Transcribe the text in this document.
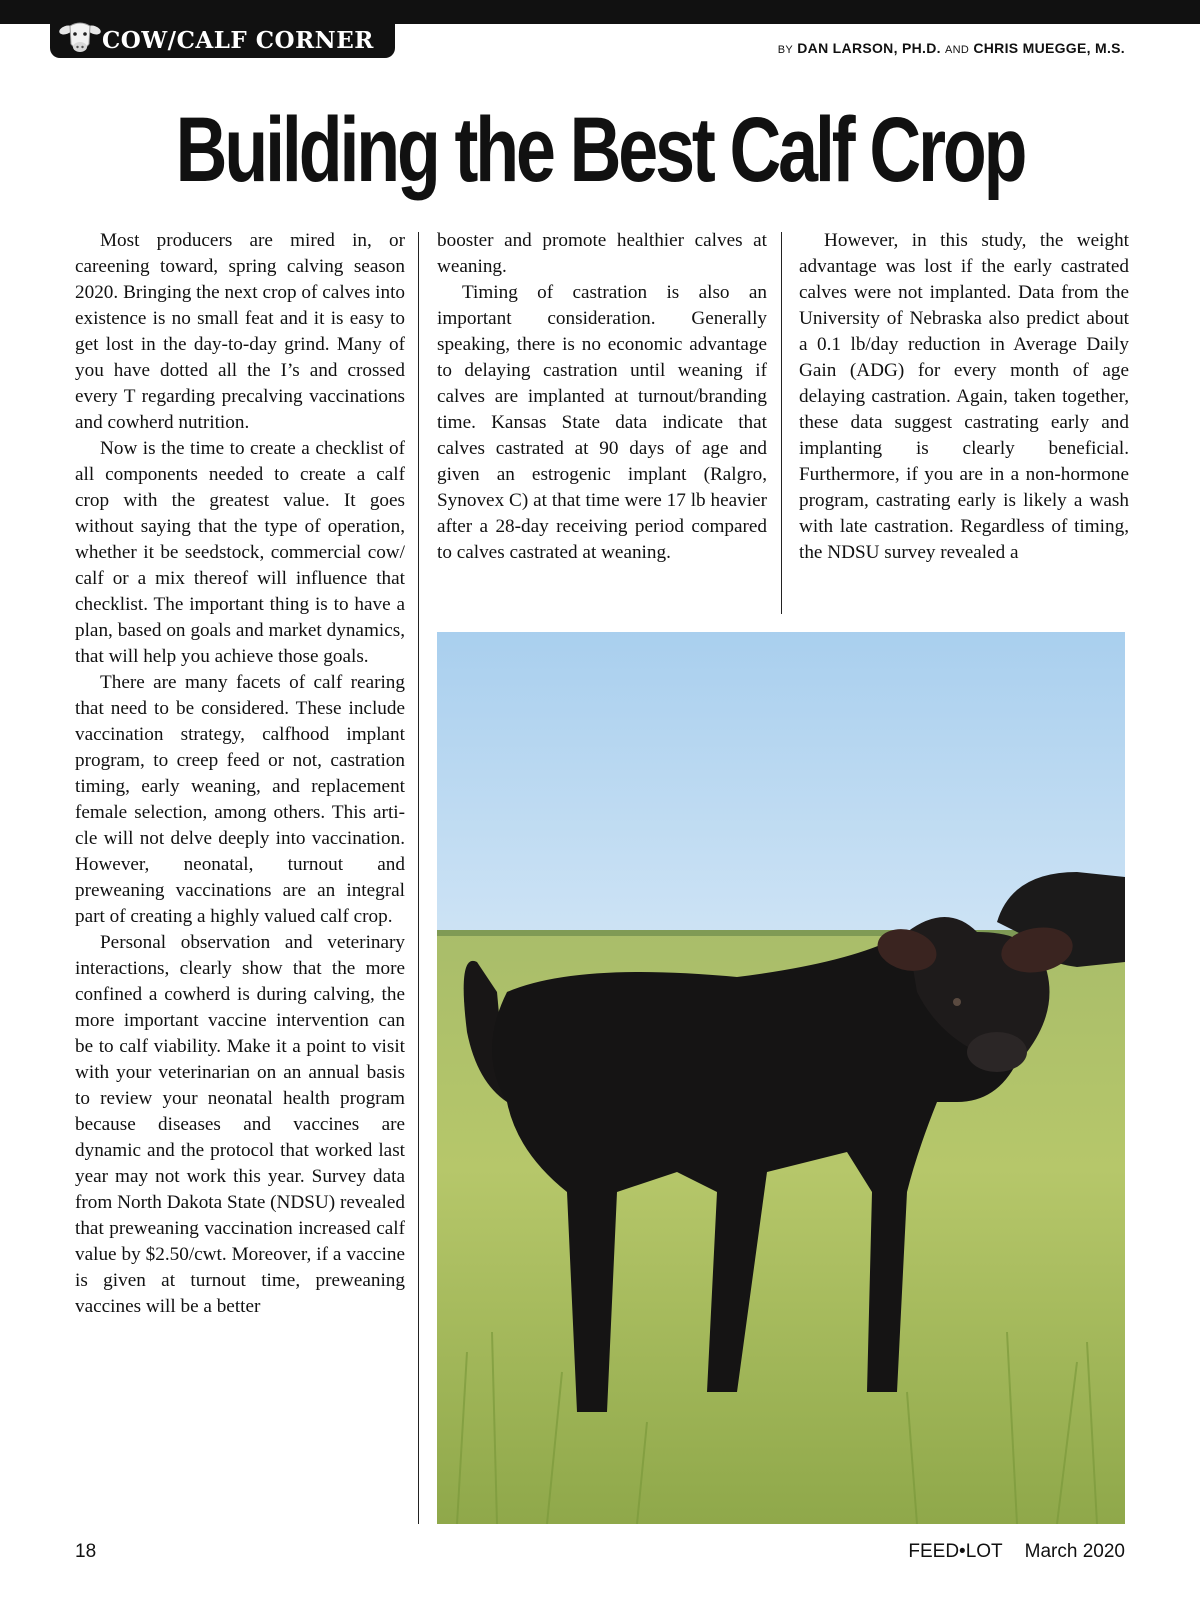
COW/CALF CORNER	BY DAN LARSON, PH.D. AND CHRIS MUEGGE, M.S.
Building the Best Calf Crop

Most producers are mired in, or careening toward, spring calving season 2020. Bringing the next crop of calves into existence is no small feat and it is easy to get lost in the day-to-day grind. Many of you have dotted all the I’s and crossed every T regarding precalving vaccinations and cowherd nutrition.

Now is the time to create a checklist of all components needed to create a calf crop with the greatest value. It goes without saying that the type of operation, whether it be seedstock, commercial cow/ calf or a mix thereof will influence that checklist. The important thing is to have a plan, based on goals and market dynamics, that will help you achieve those goals.

There are many facets of calf rearing that need to be considered. These include vaccination strategy, calfhood implant program, to creep feed or not, castration timing, early weaning, and replacement female selection, among others. This article will not delve deeply into vaccination. However, neonatal, turnout and preweaning vaccinations are an integral part of creating a highly valued calf crop.

Personal observation and veterinary interactions, clearly show that the more confined a cowherd is during calving, the more important vaccine intervention can be to calf viability. Make it a point to visit with your veterinarian on an annual basis to review your neonatal health program because diseases and vaccines are dynamic and the protocol that worked last year may not work this year. Survey data from North Dakota State (NDSU) revealed that preweaning vaccination increased calf value by $2.50/cwt. Moreover, if a vaccine is given at turnout time, preweaning vaccines will be a better

booster and promote healthier calves at weaning.

Timing of castration is also an important consideration. Generally speaking, there is no economic advantage to delaying castration until weaning if calves are implanted at turnout/branding time. Kansas State data indicate that calves castrated at 90 days of age and given an estrogenic implant (Ralgro, Synovex C) at that time were 17 lb heavier after a 28-day receiving period compared to calves castrated at weaning.

However, in this study, the weight advantage was lost if the early castrated calves were not implanted. Data from the University of Nebraska also predict about a 0.1 lb/day reduction in Average Daily Gain (ADG) for every month of age delaying castration. Again, taken together, these data suggest castrating early and implanting is clearly beneficial. Furthermore, if you are in a non-hormone program, castrating early is likely a wash with late castration. Regardless of timing, the NDSU survey revealed a

18	FEED•LOT March 2020
